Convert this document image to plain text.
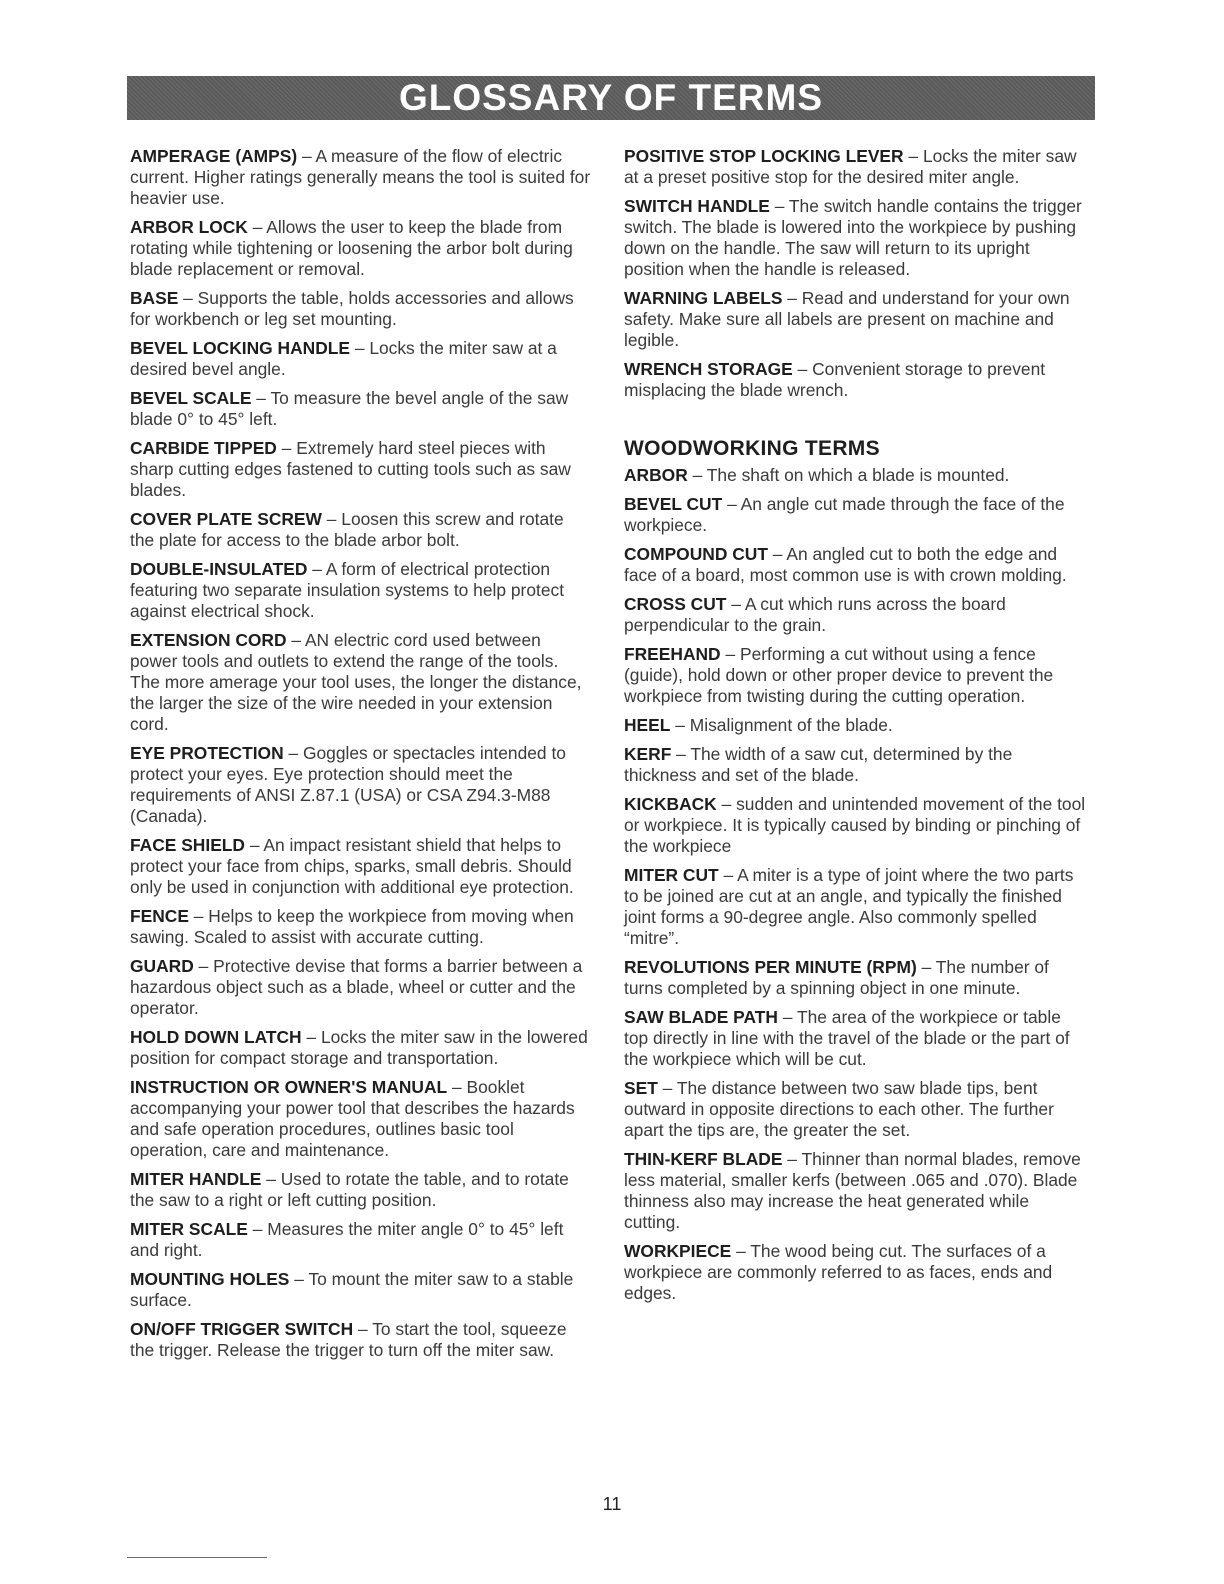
GLOSSARY OF TERMS
AMPERAGE (AMPS) – A measure of the flow of electric current. Higher ratings generally means the tool is suited for heavier use.
ARBOR LOCK – Allows the user to keep the blade from rotating while tightening or loosening the arbor bolt during blade replacement or removal.
BASE – Supports the table, holds accessories and allows for workbench or leg set mounting.
BEVEL LOCKING HANDLE – Locks the miter saw at a desired bevel angle.
BEVEL SCALE – To measure the bevel angle of the saw blade 0° to 45° left.
CARBIDE TIPPED – Extremely hard steel pieces with sharp cutting edges fastened to cutting tools such as saw blades.
COVER PLATE SCREW – Loosen this screw and rotate the plate for access to the blade arbor bolt.
DOUBLE-INSULATED – A form of electrical protection featuring two separate insulation systems to help protect against electrical shock.
EXTENSION CORD – AN electric cord used between power tools and outlets to extend the range of the tools. The more amerage your tool uses, the longer the distance, the larger the size of the wire needed in your extension cord.
EYE PROTECTION – Goggles or spectacles intended to protect your eyes. Eye protection should meet the requirements of ANSI Z.87.1 (USA) or CSA Z94.3-M88 (Canada).
FACE SHIELD – An impact resistant shield that helps to protect your face from chips, sparks, small debris. Should only be used in conjunction with additional eye protection.
FENCE – Helps to keep the workpiece from moving when sawing. Scaled to assist with accurate cutting.
GUARD – Protective devise that forms a barrier between a hazardous object such as a blade, wheel or cutter and the operator.
HOLD DOWN LATCH – Locks the miter saw in the lowered position for compact storage and transportation.
INSTRUCTION OR OWNER'S MANUAL – Booklet accompanying your power tool that describes the hazards and safe operation procedures, outlines basic tool operation, care and maintenance.
MITER HANDLE – Used to rotate the table, and to rotate the saw to a right or left cutting position.
MITER SCALE – Measures the miter angle 0° to 45° left and right.
MOUNTING HOLES – To mount the miter saw to a stable surface.
ON/OFF TRIGGER SWITCH – To start the tool, squeeze the trigger. Release the trigger to turn off the miter saw.
POSITIVE STOP LOCKING LEVER – Locks the miter saw at a preset positive stop for the desired miter angle.
SWITCH HANDLE – The switch handle contains the trigger switch. The blade is lowered into the workpiece by pushing down on the handle. The saw will return to its upright position when the handle is released.
WARNING LABELS – Read and understand for your own safety. Make sure all labels are present on machine and legible.
WRENCH STORAGE – Convenient storage to prevent misplacing the blade wrench.
WOODWORKING TERMS
ARBOR – The shaft on which a blade is mounted.
BEVEL CUT – An angle cut made through the face of the workpiece.
COMPOUND CUT – An angled cut to both the edge and face of a board, most common use is with crown molding.
CROSS CUT – A cut which runs across the board perpendicular to the grain.
FREEHAND – Performing a cut without using a fence (guide), hold down or other proper device to prevent the workpiece from twisting during the cutting operation.
HEEL – Misalignment of the blade.
KERF – The width of a saw cut, determined by the thickness and set of the blade.
KICKBACK – sudden and unintended movement of the tool or workpiece. It is typically caused by binding or pinching of the workpiece
MITER CUT – A miter is a type of joint where the two parts to be joined are cut at an angle, and typically the finished joint forms a 90-degree angle. Also commonly spelled “mitre”.
REVOLUTIONS PER MINUTE (RPM) – The number of turns completed by a spinning object in one minute.
SAW BLADE PATH – The area of the workpiece or table top directly in line with the travel of the blade or the part of the workpiece which will be cut.
SET – The distance between two saw blade tips, bent outward in opposite directions to each other. The further apart the tips are, the greater the set.
THIN-KERF BLADE – Thinner than normal blades, remove less material, smaller kerfs (between .065 and .070). Blade thinness also may increase the heat generated while cutting.
WORKPIECE – The wood being cut. The surfaces of a workpiece are commonly referred to as faces, ends and edges.
11
